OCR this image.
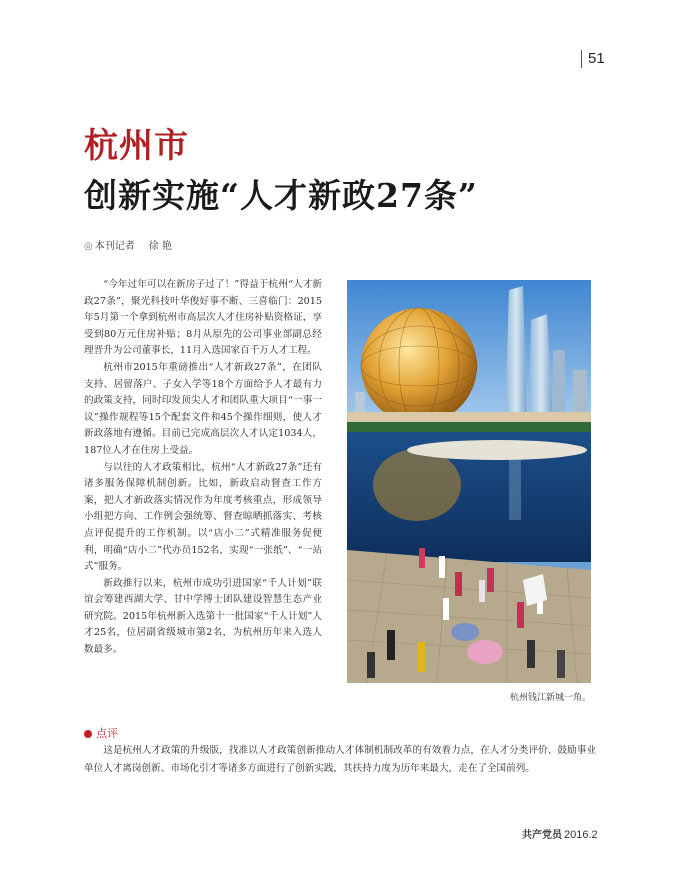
51
杭州市
创新实施“人才新政27条”
◎ 本刊记者 徐 艳

“今年过年可以在新房子过了！”得益于杭州“人才新政27条”，聚光科技叶华俊好事不断、三喜临门：2015年5月第一个拿到杭州市高层次人才住房补贴资格证，享受到80万元住房补贴；8月从原先的公司事业部副总经理晋升为公司董事长，11月入选国家百千万人才工程。

杭州市2015年重磅推出“人才新政27条”，在团队支持、居留落户、子女入学等18个方面给予人才最有力的政策支持，同时印发顶尖人才和团队重大项目“一事一议”操作规程等15个配套文件和45个操作细则，使人才新政落地有遵循。目前已完成高层次人才认定1034人，187位人才在住房上受益。

与以往的人才政策相比，杭州“人才新政27条”还有诸多服务保障机制创新。比如，新政启动督查工作方案，把人才新政落实情况作为年度考核重点，形成领导小组把方向、工作例会强统筹、督查晾晒抓落实、考核点评促提升的工作机制。以“店小二”式精准服务促便利，明确“店小二”代办员152名，实现“一张纸”、“一站式”服务。

新政推行以来，杭州市成功引进国家“千人计划”联谊会筹建西湖大学、甘中学博士团队建设智慧生态产业研究院。2015年杭州新入选第十一批国家“千人计划”人才25名，位居副省级城市第2名，为杭州历年来入选人数最多。

杭州钱江新城一角。
点评

这是杭州人才政策的升级版，找准以人才政策创新推动人才体制机制改革的有效着力点，在人才分类评价、鼓励事业单位人才离岗创新、市场化引才等诸多方面进行了创新实践，其扶持力度为历年来最大，走在了全国前列。

共产党员 2016.2
